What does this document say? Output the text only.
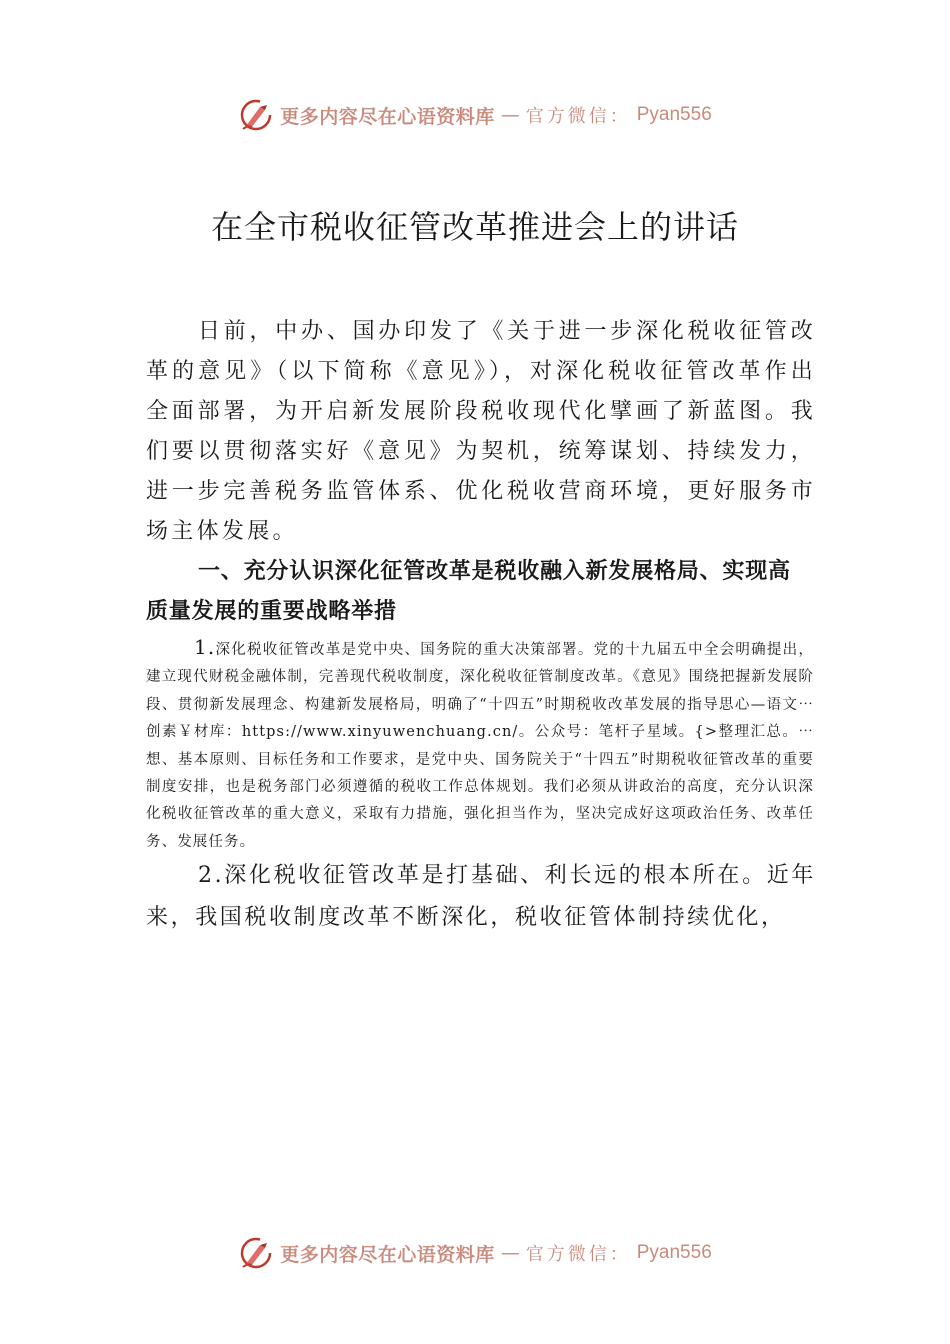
更多内容尽在心语资料库 — 官方微信： Pyan556
在全市税收征管改革推进会上的讲话

日前，中办、国办印发了《关于进一步深化税收征管改革的意见》（以下简称《意见》），对深化税收征管改革作出全面部署，为开启新发展阶段税收现代化擘画了新蓝图。我们要以贯彻落实好《意见》为契机，统筹谋划、持续发力，进一步完善税务监管体系、优化税收营商环境，更好服务市场主体发展。

一、充分认识深化征管改革是税收融入新发展格局、实现高质量发展的重要战略举措

1.深化税收征管改革是党中央、国务院的重大决策部署。党的十九届五中全会明确提出，建立现代财税金融体制，完善现代税收制度，深化税收征管制度改革。《意见》围绕把握新发展阶段、贯彻新发展理念、构建新发展格局，明确了“十四五”时期税收改革发展的指导思心—语文⋯创素￥材库：https://www.xinyuwenchuang.cn/。公众号：笔杆子星域。{>整理汇总。⋯想、基本原则、目标任务和工作要求，是党中央、国务院关于“十四五”时期税收征管改革的重要制度安排，也是税务部门必须遵循的税收工作总体规划。我们必须从讲政治的高度，充分认识深化税收征管改革的重大意义，采取有力措施，强化担当作为，坚决完成好这项政治任务、改革任务、发展任务。

2.深化税收征管改革是打基础、利长远的根本所在。近年来，我国税收制度改革不断深化，税收征管体制持续优化，

更多内容尽在心语资料库 — 官方微信： Pyan556
